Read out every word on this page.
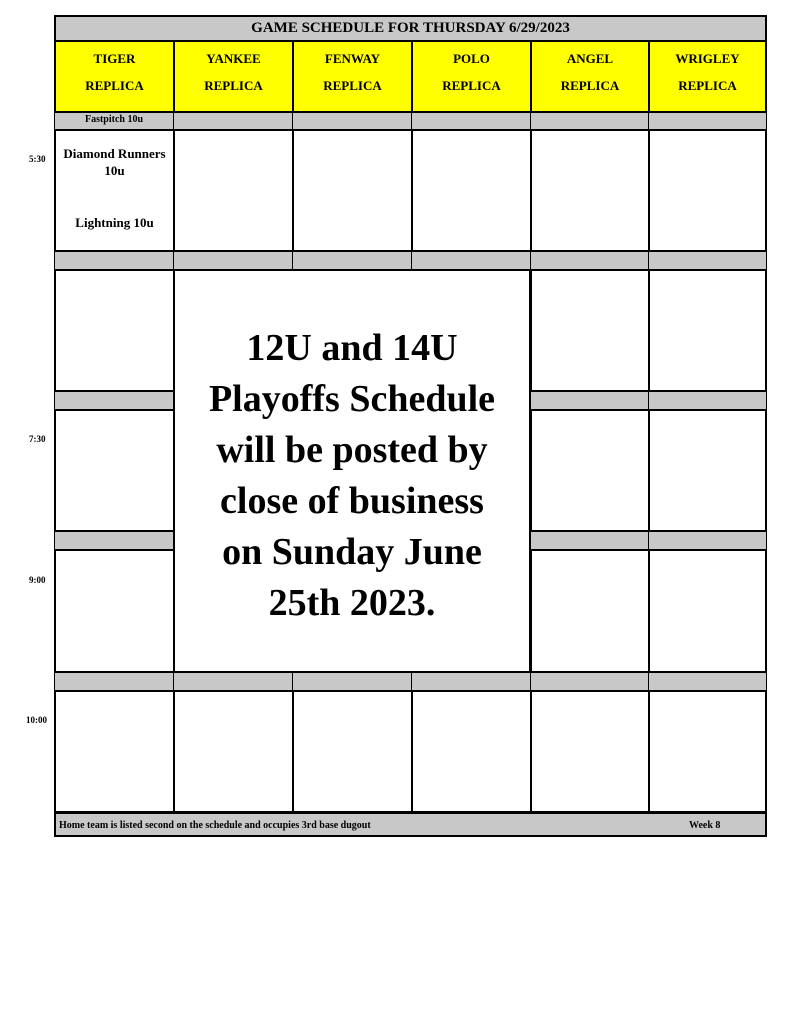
GAME SCHEDULE FOR THURSDAY 6/29/2023
TIGER
REPLICA
YANKEE
REPLICA
FENWAY
REPLICA
POLO
REPLICA
ANGEL
REPLICA
WRIGLEY
REPLICA
Fastpitch 10u
Diamond Runners
10u
Lightning 10u
12U and 14U
Playoffs Schedule
will be posted by
close of business
on Sunday June
25th 2023.
Home team is listed second on the schedule and occupies 3rd base dugout	Week 8
5:30
7:30
9:00
10:00
